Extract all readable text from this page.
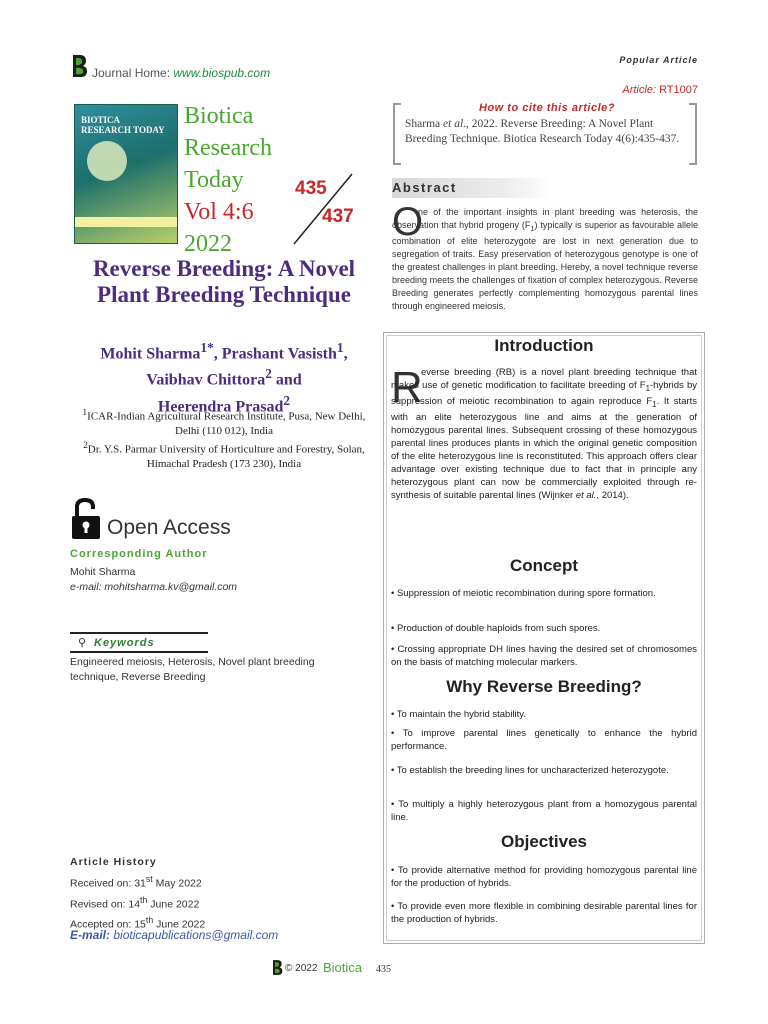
Journal Home: www.biospub.com
Popular Article
Article: RT1007
BIOTICA RESEARCH TODAY
Biotica
Research
Today
Vol 4:6
2022
435
437
Reverse Breeding: A Novel Plant Breeding Technique
Mohit Sharma$^{1*}$, Prashant Vasisth$^1$,
Vaibhav Chittora$^2$ and
Heerendra Prasad$^2$
$^1$ICAR-Indian Agricultural Research Institute, Pusa, New Delhi, Delhi (110 012), India
$^2$Dr. Y.S. Parmar University of Horticulture and Forestry, Solan, Himachal Pradesh (173 230), India
Open Access
Corresponding Author
Mohit Sharma
e-mail: mohitsharma.kv@gmail.com
⚲ Keywords
Engineered meiosis, Heterosis, Novel plant breeding technique, Reverse Breeding
Article History
Received on: 31st May 2022
Revised on: 14th June 2022
Accepted on: 15th June 2022
E-mail: bioticapublications@gmail.com
How to cite this article?
Sharma et al., 2022. Reverse Breeding: A Novel Plant Breeding Technique. Biotica Research Today 4(6):435-437.
Abstract
O
ne of the important insights in plant breeding was heterosis, the observation that hybrid progeny $(F_1)$ typically is superior as favourable allele combination of elite heterozygote are lost in next generation due to segregation of traits. Easy preservation of heterozygous genotype is one of the greatest challenges in plant breeding. Hereby, a novel technique reverse breeding meets the challenges of fixation of complex heterozygous. Reverse Breeding generates perfectly complementing homozygous parental lines through engineered meiosis.
Introduction
R
everse breeding (RB) is a novel plant breeding technique that makes use of genetic modification to facilitate breeding of $F_1$-hybrids by suppression of meiotic recombination to again reproduce $F_1$. It starts with an elite heterozygous line and aims at the generation of homozygous parental lines. Subsequent crossing of these homozygous parental lines produces plants in which the original genetic composition of the elite heterozygous line is reconstituted. This approach offers clear advantage over existing technique due to fact that in principle any heterozygous plant can now be commercially exploited through re-synthesis of suitable parental lines (Wijnker et al., 2014).
Concept
• Suppression of meiotic recombination during spore formation.
• Production of double haploids from such spores.
• Crossing appropriate DH lines having the desired set of chromosomes on the basis of matching molecular markers.
Why Reverse Breeding?
• To maintain the hybrid stability.
• To improve parental lines genetically to enhance the hybrid performance.
• To establish the breeding lines for uncharacterized heterozygote.
• To multiply a highly heterozygous plant from a homozygous parental line.
Objectives
• To provide alternative method for providing homozygous parental line for the production of hybrids.
• To provide even more flexible in combining desirable parental lines for the production of hybrids.
© 2022 Biotica 435
